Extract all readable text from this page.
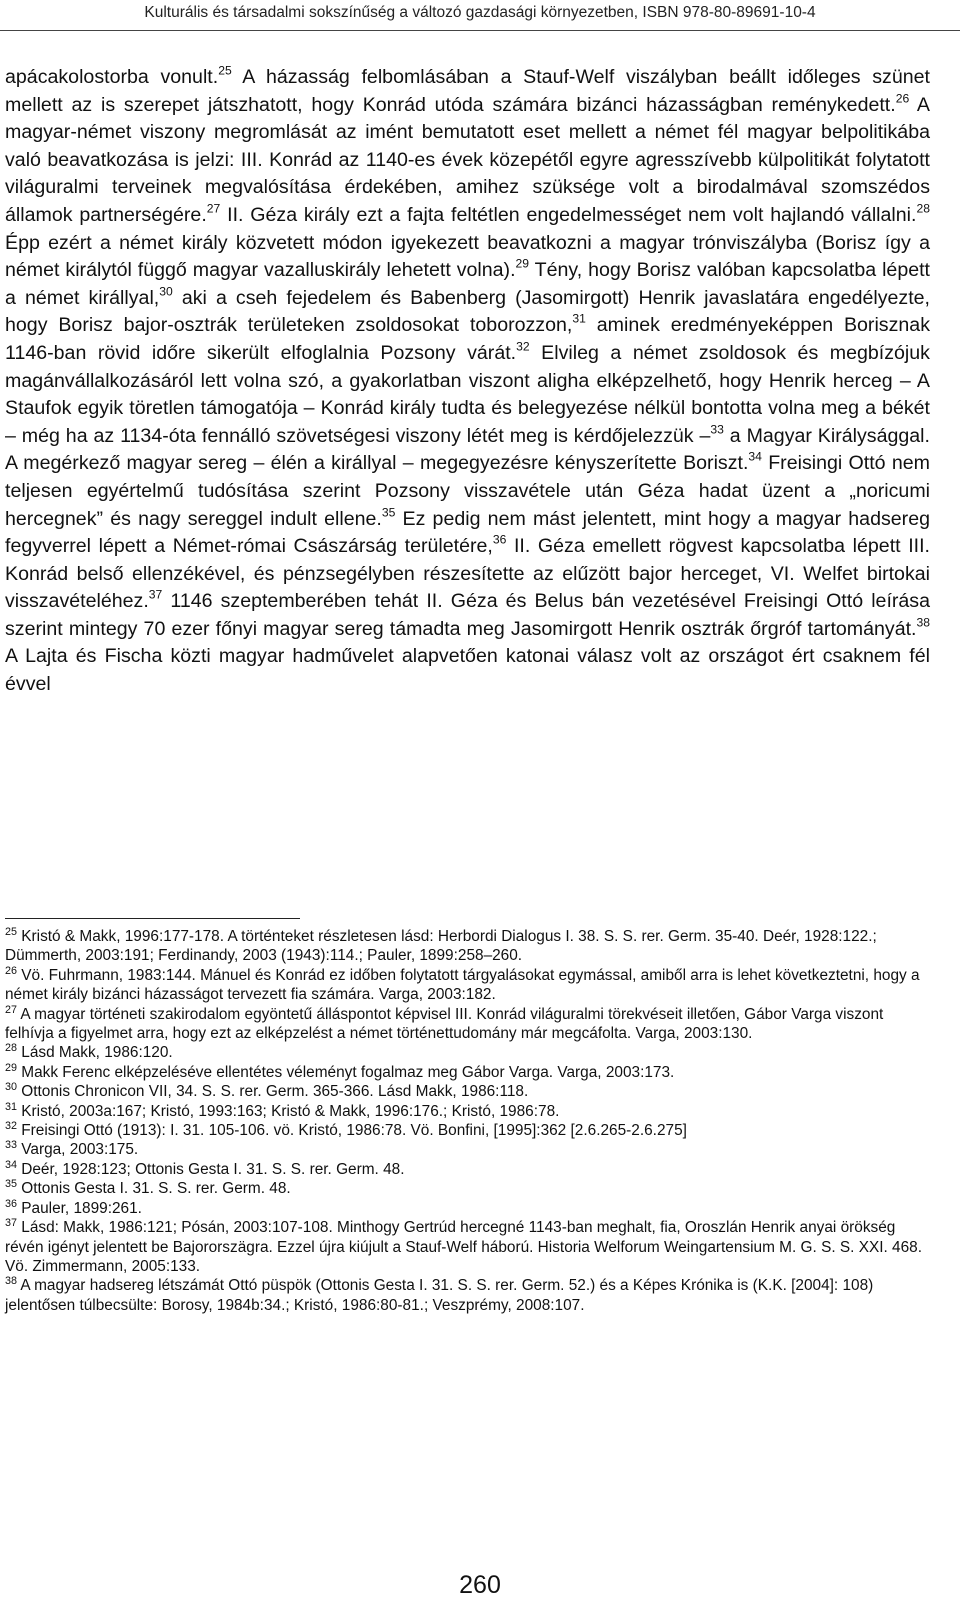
Kulturális és társadalmi sokszínűség a változó gazdasági környezetben, ISBN 978-80-89691-10-4

apácakolostorba vonult.$^{25}$ A házasság felbomlásában a Stauf-Welf viszályban beállt időleges szünet mellett az is szerepet játszhatott, hogy Konrád utóda számára bizánci házasságban reménykedett.$^{26}$ A magyar-német viszony megromlását az imént bemutatott eset mellett a német fél magyar belpolitikába való beavatkozása is jelzi: III. Konrád az 1140-es évek közepétől egyre agresszívebb külpolitikát folytatott világuralmi terveinek megvalósítása érdekében, amihez szüksége volt a birodalmával szomszédos államok partnerségére.$^{27}$ II. Géza király ezt a fajta feltétlen engedelmességet nem volt hajlandó vállalni.$^{28}$ Épp ezért a német király közvetett módon igyekezett beavatkozni a magyar trónviszályba (Borisz így a német királytól függő magyar vazalluskirály lehetett volna).$^{29}$ Tény, hogy Borisz valóban kapcsolatba lépett a német királlyal,$^{30}$ aki a cseh fejedelem és Babenberg (Jasomirgott) Henrik javaslatára engedélyezte, hogy Borisz bajor-osztrák területeken zsoldosokat toborozzon,$^{31}$ aminek eredményeképpen Borisznak 1146-ban rövid időre sikerült elfoglalnia Pozsony várát.$^{32}$ Elvileg a német zsoldosok és megbízójuk magánvállalkozásáról lett volna szó, a gyakorlatban viszont aligha elképzelhető, hogy Henrik herceg – A Staufok egyik töretlen támogatója – Konrád király tudta és belegyezése nélkül bontotta volna meg a békét – még ha az 1134-óta fennálló szövetségesi viszony létét meg is kérdőjelezzük –$^{33}$ a Magyar Királysággal. A megérkező magyar sereg – élén a királlyal – megegyezésre kényszerítette Boriszt.$^{34}$ Freisingi Ottó nem teljesen egyértelmű tudósítása szerint Pozsony visszavétele után Géza hadat üzent a „noricumi hercegnek” és nagy sereggel indult ellene.$^{35}$ Ez pedig nem mást jelentett, mint hogy a magyar hadsereg fegyverrel lépett a Német-római Császárság területére,$^{36}$ II. Géza emellett rögvest kapcsolatba lépett III. Konrád belső ellenzékével, és pénzsegélyben részesítette az elűzött bajor herceget, VI. Welfet birtokai visszavételéhez.$^{37}$ 1146 szeptemberében tehát II. Géza és Belus bán vezetésével Freisingi Ottó leírása szerint mintegy 70 ezer főnyi magyar sereg támadta meg Jasomirgott Henrik osztrák őrgróf tartományát.$^{38}$ A Lajta és Fischa közti magyar hadművelet alapvetően katonai válasz volt az országot ért csaknem fél évvel

$^{25}$ Kristó & Makk, 1996:177-178. A történteket részletesen lásd: Herbordi Dialogus I. 38. S. S. rer. Germ. 35-40. Deér, 1928:122.; Dümmerth, 2003:191; Ferdinandy, 2003 (1943):114.; Pauler, 1899:258–260.

$^{26}$ Vö. Fuhrmann, 1983:144. Mánuel és Konrád ez időben folytatott tárgyalásokat egymással, amiből arra is lehet következtetni, hogy a német király bizánci házasságot tervezett fia számára. Varga, 2003:182.

$^{27}$ A magyar történeti szakirodalom egyöntetű álláspontot képvisel III. Konrád világuralmi törekvéseit illetően, Gábor Varga viszont felhívja a figyelmet arra, hogy ezt az elképzelést a német történettudomány már megcáfolta. Varga, 2003:130.

$^{28}$ Lásd Makk, 1986:120.

$^{29}$ Makk Ferenc elképzeléséve ellentétes véleményt fogalmaz meg Gábor Varga. Varga, 2003:173.

$^{30}$ Ottonis Chronicon VII, 34. S. S. rer. Germ. 365-366. Lásd Makk, 1986:118.

$^{31}$ Kristó, 2003a:167; Kristó, 1993:163; Kristó & Makk, 1996:176.; Kristó, 1986:78.

$^{32}$ Freisingi Ottó (1913): I. 31. 105-106. vö. Kristó, 1986:78. Vö. Bonfini, [1995]:362 [2.6.265-2.6.275]

$^{33}$ Varga, 2003:175.

$^{34}$ Deér, 1928:123; Ottonis Gesta I. 31. S. S. rer. Germ. 48.

$^{35}$ Ottonis Gesta I. 31. S. S. rer. Germ. 48.

$^{36}$ Pauler, 1899:261.

$^{37}$ Lásd: Makk, 1986:121; Pósán, 2003:107-108. Minthogy Gertrúd hercegné 1143-ban meghalt, fia, Oroszlán Henrik anyai örökség révén igényt jelentett be Bajororszägra. Ezzel újra kiújult a Stauf-Welf háború. Historia Welforum Weingartensium M. G. S. S. XXI. 468. Vö. Zimmermann, 2005:133.

$^{38}$ A magyar hadsereg létszámát Ottó püspök (Ottonis Gesta I. 31. S. S. rer. Germ. 52.) és a Képes Krónika is (K.K. [2004]: 108) jelentősen túlbecsülte: Borosy, 1984b:34.; Kristó, 1986:80-81.; Veszprémy, 2008:107.

260
